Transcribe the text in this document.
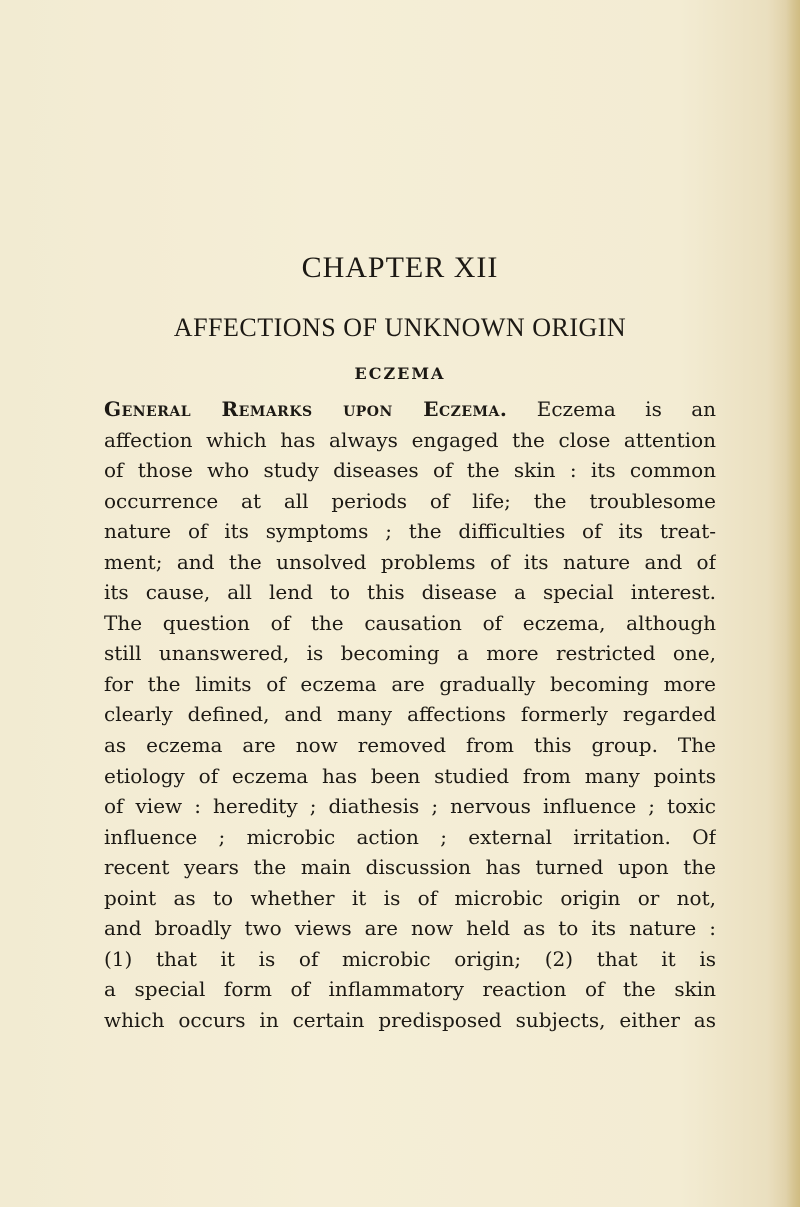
CHAPTER XII
AFFECTIONS OF UNKNOWN ORIGIN
ECZEMA
General Remarks upon Eczema. Eczema is an
affection which has always engaged the close attention
of those who study diseases of the skin : its common
occurrence at all periods of life; the troublesome
nature of its symptoms ; the difficulties of its treat-
ment; and the unsolved problems of its nature and of
its cause, all lend to this disease a special interest.
The question of the causation of eczema, although
still unanswered, is becoming a more restricted one,
for the limits of eczema are gradually becoming more
clearly defined, and many affections formerly regarded
as eczema are now removed from this group. The
etiology of eczema has been studied from many points
of view : heredity ; diathesis ; nervous influence ; toxic
influence ; microbic action ; external irritation. Of
recent years the main discussion has turned upon the
point as to whether it is of microbic origin or not,
and broadly two views are now held as to its nature :
(1) that it is of microbic origin; (2) that it is
a special form of inflammatory reaction of the skin
which occurs in certain predisposed subjects, either as
